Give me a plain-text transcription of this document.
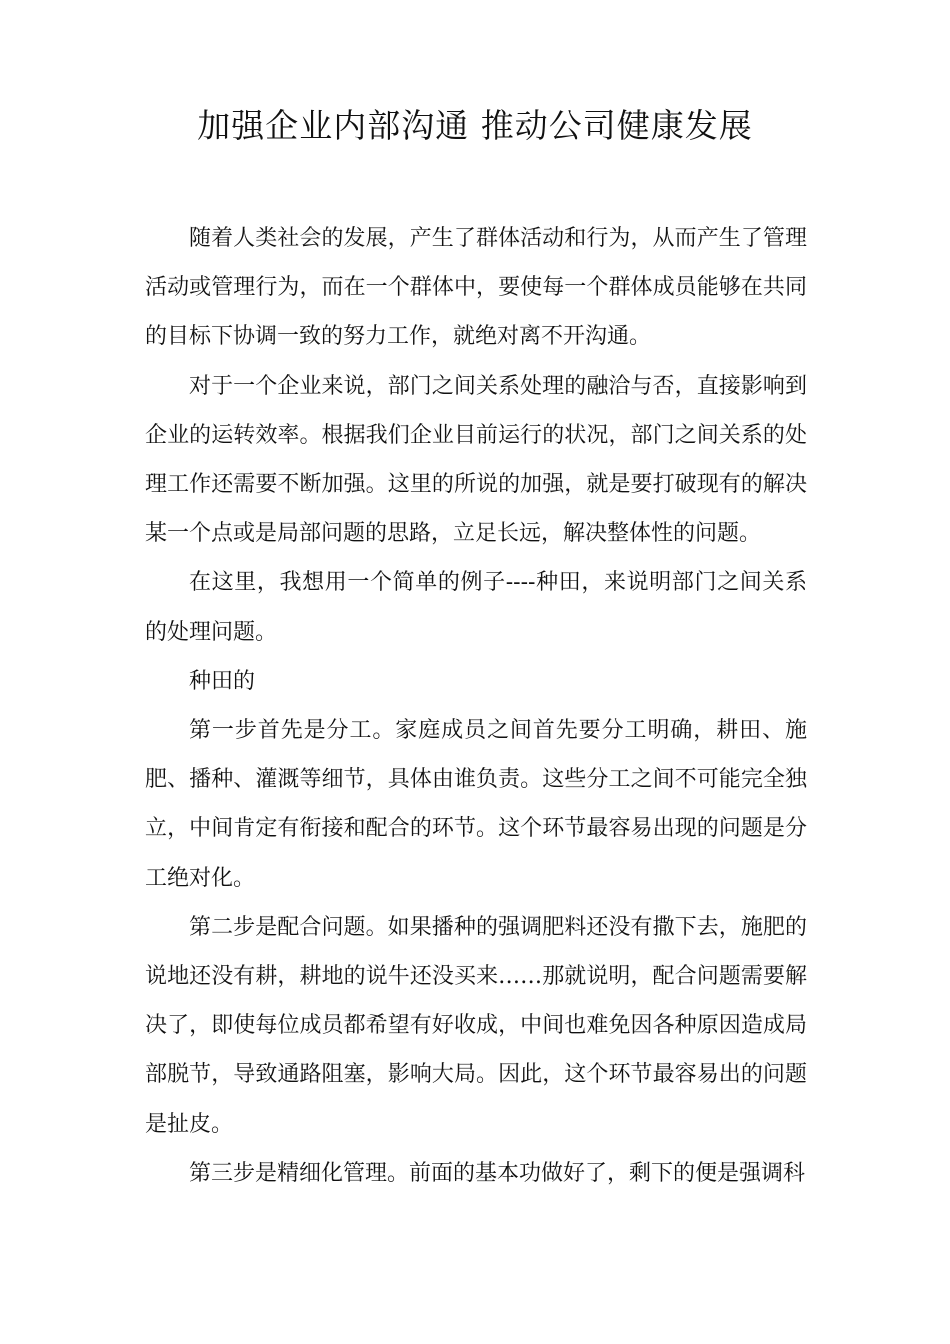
加强企业内部沟通 推动公司健康发展

随着人类社会的发展，产生了群体活动和行为，从而产生了管理活动或管理行为，而在一个群体中，要使每一个群体成员能够在共同的目标下协调一致的努力工作，就绝对离不开沟通。

对于一个企业来说，部门之间关系处理的融洽与否，直接影响到企业的运转效率。根据我们企业目前运行的状况，部门之间关系的处理工作还需要不断加强。这里的所说的加强，就是要打破现有的解决某一个点或是局部问题的思路，立足长远，解决整体性的问题。

在这里，我想用一个简单的例子----种田，来说明部门之间关系的处理问题。

种田的

第一步首先是分工。家庭成员之间首先要分工明确，耕田、施肥、播种、灌溉等细节，具体由谁负责。这些分工之间不可能完全独立，中间肯定有衔接和配合的环节。这个环节最容易出现的问题是分工绝对化。

第二步是配合问题。如果播种的强调肥料还没有撒下去，施肥的说地还没有耕，耕地的说牛还没买来……那就说明，配合问题需要解决了，即使每位成员都希望有好收成，中间也难免因各种原因造成局部脱节，导致通路阻塞，影响大局。因此，这个环节最容易出的问题是扯皮。

第三步是精细化管理。前面的基本功做好了，剩下的便是强调科
